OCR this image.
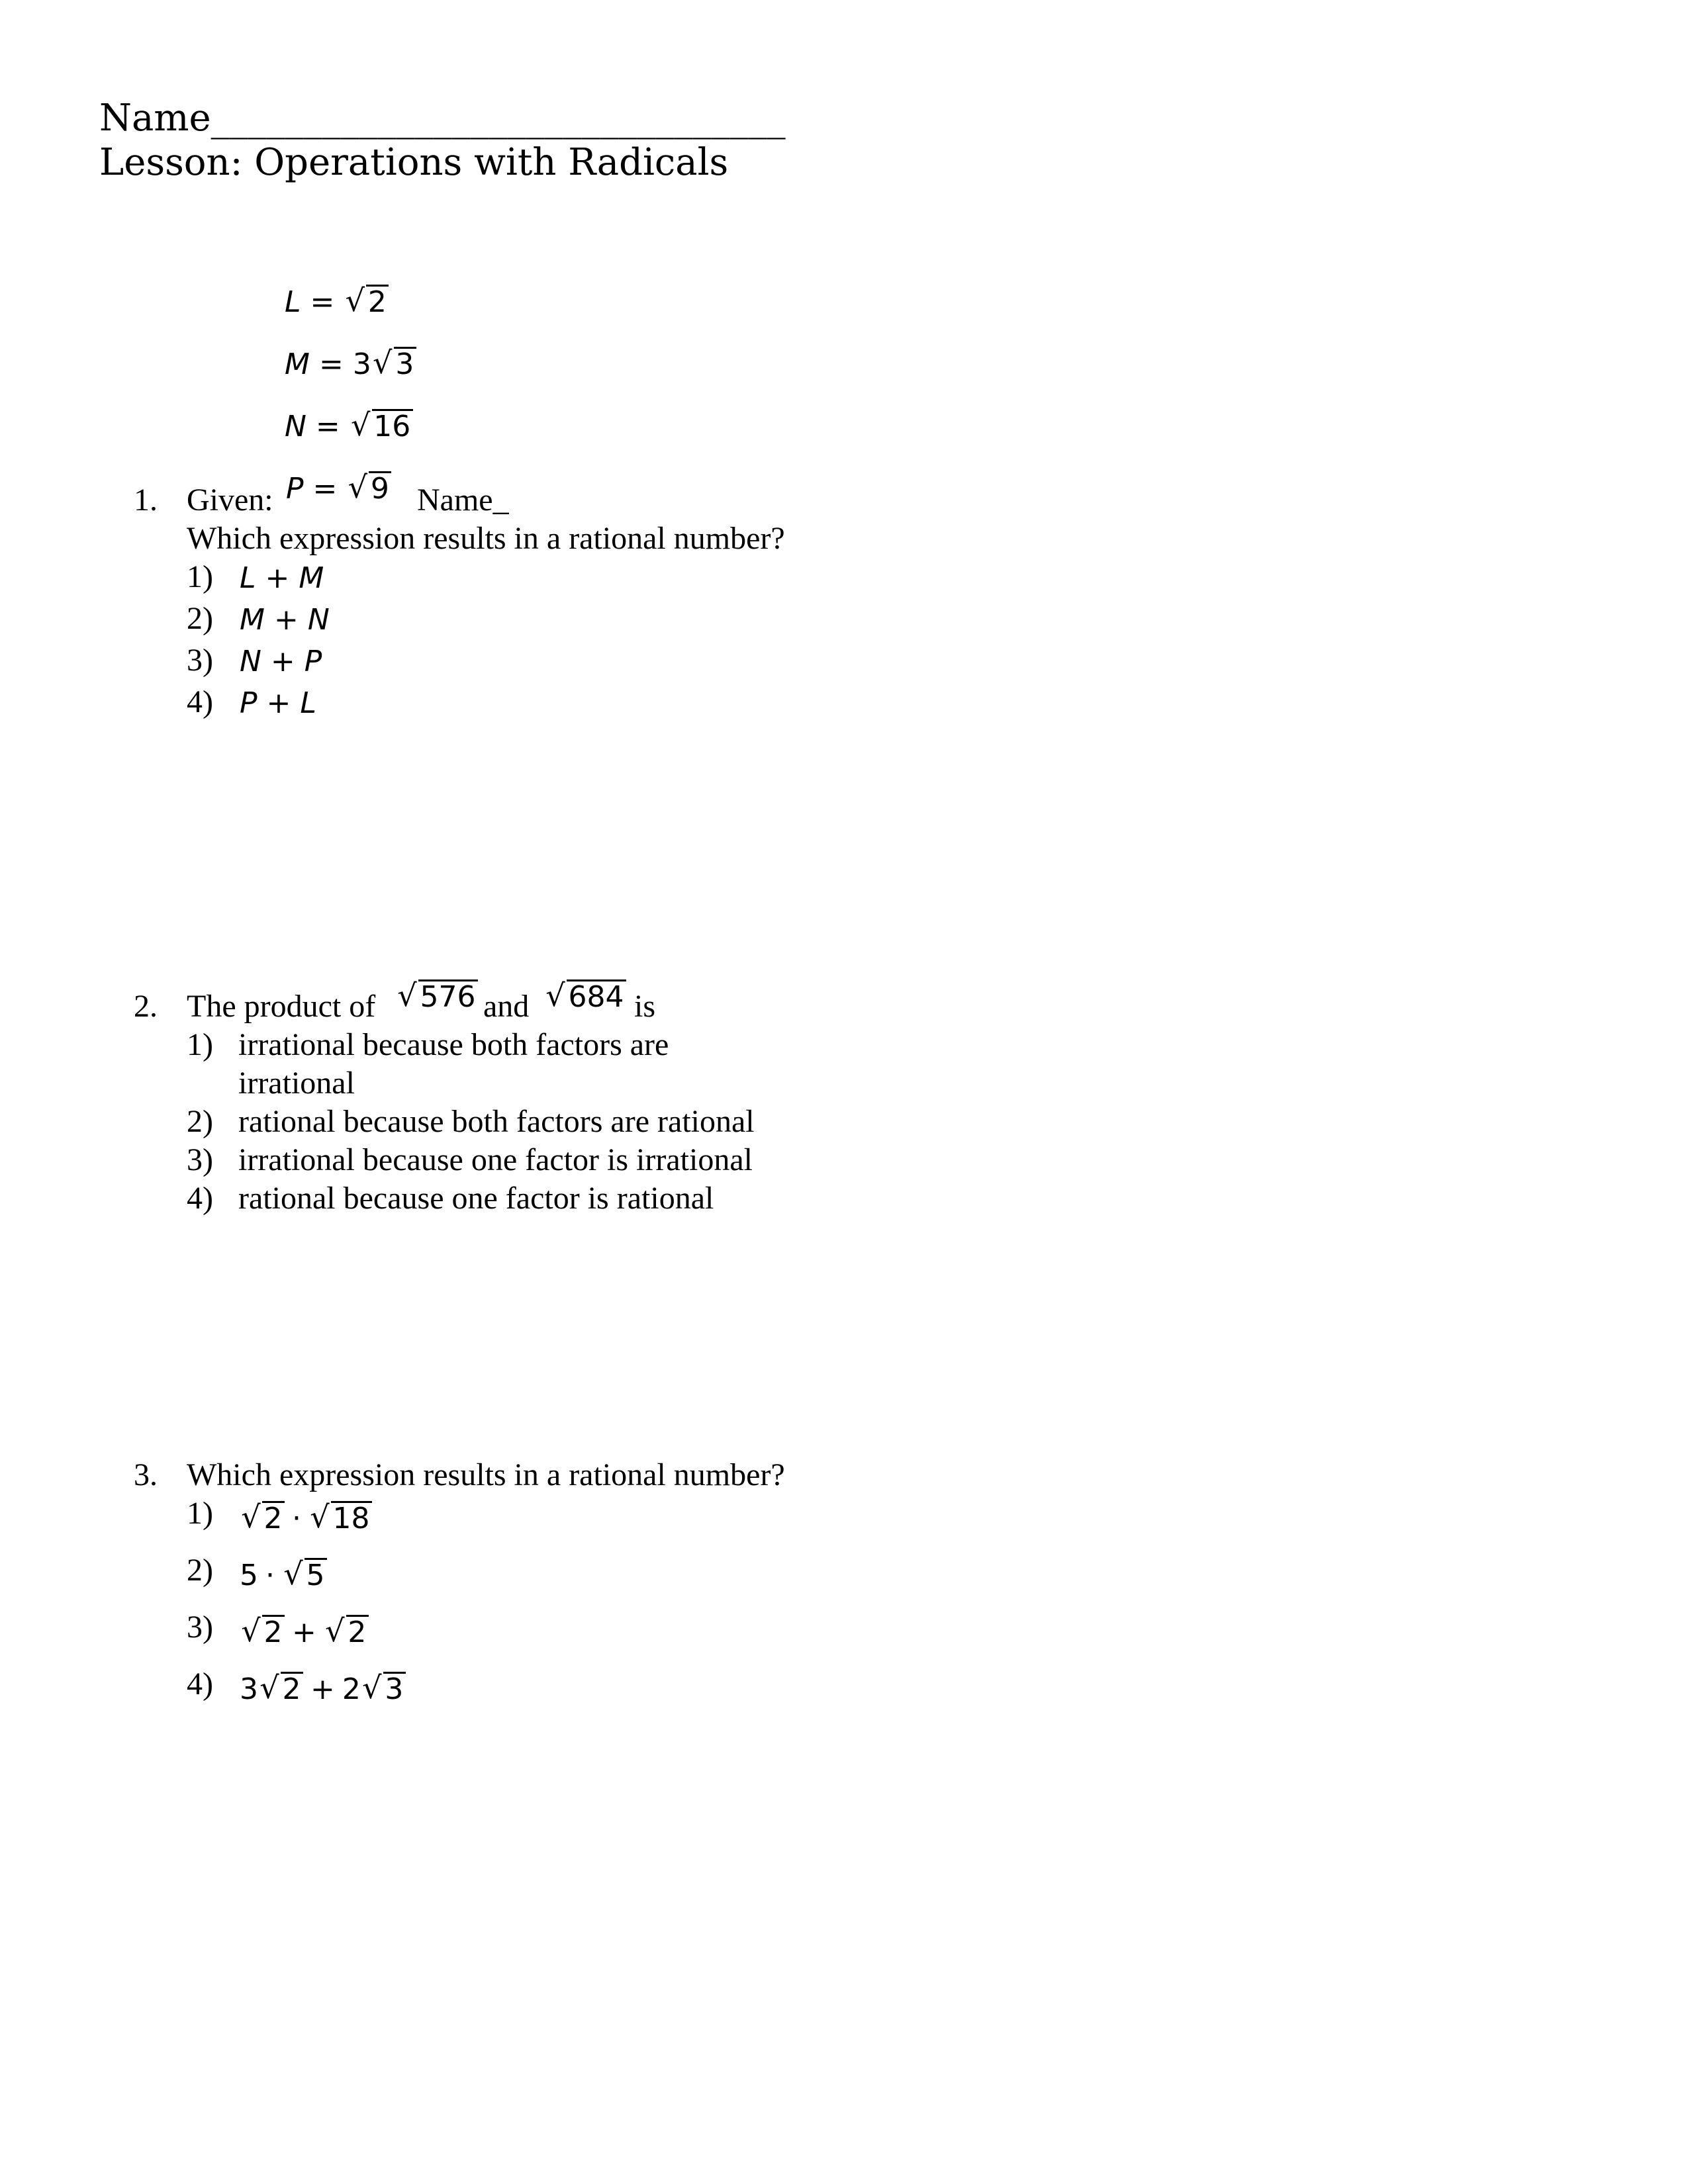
Name_______________________________
Lesson: Operations with Radicals
L = √ 2
M = 3 √ 3
N = √ 16
1. Given: P = √ 9 Name_
Which expression results in a rational number?
1) L + M
2) M + N
3) N + P
4) P + L
2. The product of √ 576 and √ 684 is
1) irrational because both factors are
irrational
2) rational because both factors are rational
3) irrational because one factor is irrational
4) rational because one factor is rational
3. Which expression results in a rational number?
1) √ 2 · √ 18
2) 5 · √ 5
3) √ 2 + √ 2
4) 3 √ 2 + 2 √ 3
